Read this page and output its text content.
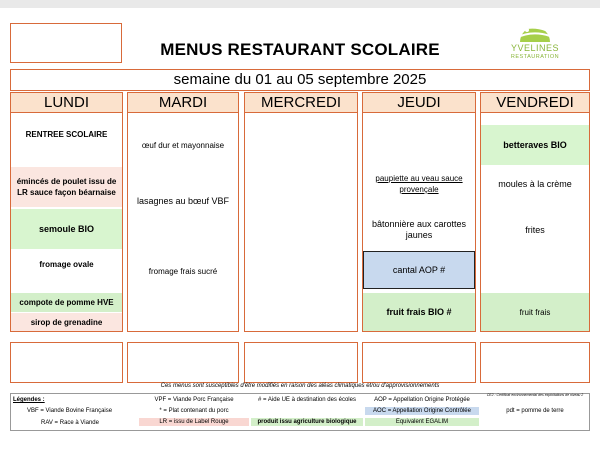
MENUS RESTAURANT SCOLAIRE	YVELINES
RESTAURATION
semaine du 01 au 05 septembre 2025
LUNDI
RENTREE SCOLAIRE
émincés de poulet issu de LR sauce façon béarnaise
semoule BIO
fromage ovale
compote de pomme HVE
sirop de grenadine
MARDI
œuf dur et mayonnaise
lasagnes au bœuf VBF
fromage frais sucré
MERCREDI	JEUDI
paupiette au veau sauce provençale
bâtonnière aux carottes jaunes
cantal AOP #
fruit frais BIO #
VENDREDI
betteraves BIO
moules à la crème
frites
fruit frais
Ces menus sont susceptibles d'être modifiés en raison des aléas climatiques et/ou d'approvisionnements
Légendes :
VBF = Viande Bovine Française
RAV = Race à Viande
VPF = Viande Porc Française
* = Plat contenant du porc
LR = issu de Label Rouge
# = Aide UE à destination des écoles
produit issu agriculture biologique
AOP = Appellation Origine Protégée
AOC = Appellation Origine Contrôlée
Equivalent EGALIM
CE2 : Certificat environnemental des exploitations de niveau 2
pdt = pomme de terre
